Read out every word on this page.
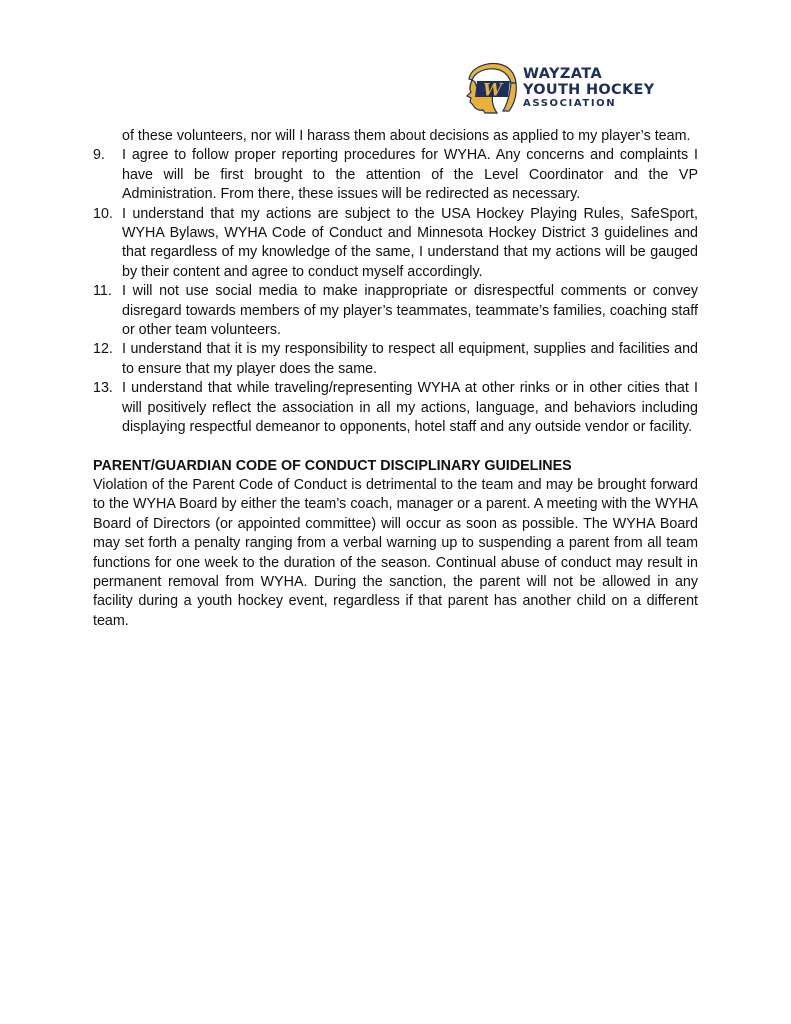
W
WAYZATA
YOUTH HOCKEY
ASSOCIATION
of these volunteers, nor will I harass them about decisions as applied to my player’s team.
9.	I agree to follow proper reporting procedures for WYHA. Any concerns and complaints I have will be first brought to the attention of the Level Coordinator and the VP Administration. From there, these issues will be redirected as necessary.
10. I understand that my actions are subject to the USA Hockey Playing Rules, SafeSport, WYHA Bylaws, WYHA Code of Conduct and Minnesota Hockey District 3 guidelines and that regardless of my knowledge of the same, I understand that my actions will be gauged by their content and agree to conduct myself accordingly.
11. I will not use social media to make inappropriate or disrespectful comments or convey disregard towards members of my player’s teammates, teammate’s families, coaching staff or other team volunteers.
12. I understand that it is my responsibility to respect all equipment, supplies and facilities and to ensure that my player does the same.
13. I understand that while traveling/representing WYHA at other rinks or in other cities that I will positively reflect the association in all my actions, language, and behaviors including displaying respectful demeanor to opponents, hotel staff and any outside vendor or facility.
PARENT/GUARDIAN CODE OF CONDUCT DISCIPLINARY GUIDELINES
Violation of the Parent Code of Conduct is detrimental to the team and may be brought forward to the WYHA Board by either the team’s coach, manager or a parent. A meeting with the WYHA Board of Directors (or appointed committee) will occur as soon as possible. The WYHA Board may set forth a penalty ranging from a verbal warning up to suspending a parent from all team functions for one week to the duration of the season. Continual abuse of conduct may result in permanent removal from WYHA. During the sanction, the parent will not be allowed in any facility during a youth hockey event, regardless if that parent has another child on a different team.
